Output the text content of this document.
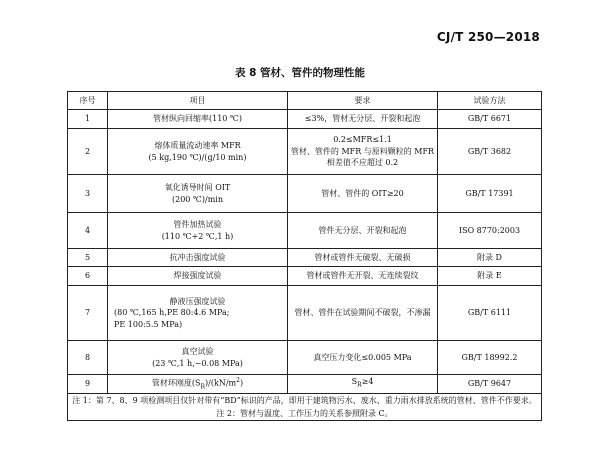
CJ/T 250—2018
表 8 管材、管件的物理性能
序号	项目	要求	试验方法
1	管材纵向回缩率(110 ℃)	≤3%，管材无分层、开裂和起泡	GB/T 6671
2	熔体质量流动速率 MFR
(5 kg,190 ℃)/(g/10 min)	0.2≤MFR≤1.1
管材、管件的 MFR 与原料颗粒的 MFR
相差值不应超过 0.2	GB/T 3682
3	氧化诱导时间 OIT
(200 ℃)/min	管材、管件的 OIT≥20	GB/T 17391
4	管件加热试验
(110 ℃+2 ℃,1 h)	管件无分层、开裂和起泡	ISO 8770:2003
5	抗冲击强度试验	管材或管件无破裂、无破损	附录 D
6	焊接强度试验	管材或管件无开裂、无连续裂纹	附录 E
7	静液压强度试验
(80 ℃,165 h,PE 80:4.6 MPa;
PE 100:5.5 MPa)	管材、管件在试验期间不破裂，不渗漏	GB/T 6111
8	真空试验
(23 ℃,1 h,−0.08 MPa)	真空压力变化≤0.005 MPa	GB/T 18992.2
9	管材环刚度$(S_R)/(kN/m^2)$	$S_R\ge 4$	GB/T 9647

注 1：第 7、8、9 项检测项目仅针对带有“BD”标识的产品，即用于建筑物污水、废水、重力雨水排放系统的管材、管件不作要求。

注 2：管材与温度、工作压力的关系参照附录 C。			
